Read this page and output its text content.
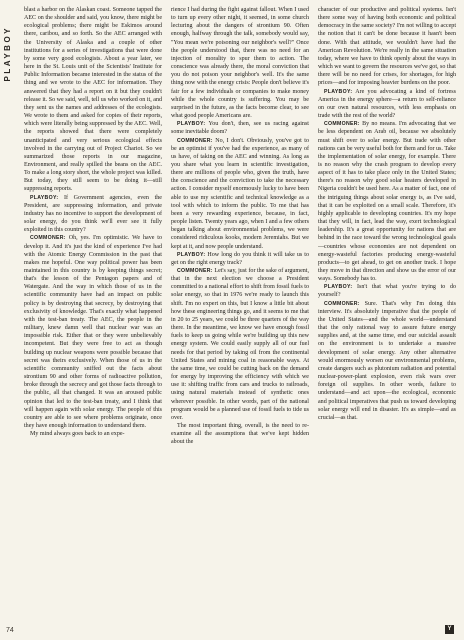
PLAYBOY

blast a harbor on the Alaskan coast. Someone tapped the AEC on the shoulder and said, you know, there might be ecological problems; there might be Eskimos around there, caribou, and so forth. So the AEC arranged with the University of Alaska and a couple of other institutions for a series of investigations that were done by some very good ecologists. About a year later, we here in the St. Louis unit of the Scientists' Institute for Public Information became interested in the status of the thing and we wrote to the AEC for information. They answered that they had a report on it but they couldn't release it. So we said, well, tell us who worked on it, and they sent us the names and addresses of the ecologists. We wrote to them and asked for copies of their reports, which were literally being suppressed by the AEC. Well, the reports showed that there were completely unanticipated and very serious ecological effects involved in the carrying out of Project Chariot. So we summarized those reports in our magazine, Environment, and really spilled the beans on the AEC. To make a long story short, the whole project was killed. But today, they still seem to be doing it—still suppressing reports.

PLAYBOY: If Government agencies, even the President, are suppressing information, and private industry has no incentive to support the development of solar energy, do you think we'll ever see it fully exploited in this country?

COMMONER: Oh, yes. I'm optimistic. We have to develop it. And it's just the kind of experience I've had with the Atomic Energy Commission in the past that makes me hopeful. One way political power has been maintained in this country is by keeping things secret; that's the lesson of the Pentagon papers and of Watergate. And the way in which those of us in the scientific community have had an impact on public policy is by destroying that secrecy, by destroying that exclusivity of knowledge. That's exactly what happened with the test-ban treaty. The AEC, the people in the military, knew damn well that nuclear war was an impossible risk. Either that or they were unbelievably incompetent. But they were free to act as though building up nuclear weapons were possible because that secret was theirs exclusively. When those of us in the scientific community sniffed out the facts about strontium 90 and other forms of radioactive pollution, broke through the secrecy and got those facts through to the public, all that changed. It was an aroused public opinion that led to the test-ban treaty, and I think that will happen again with solar energy. The people of this country are able to see where problems originate, once they have enough information to understand them.

My mind always goes back to an expe-

rience I had during the fight against fallout. When I used to turn up every other night, it seemed, in some church lecturing about the dangers of strontium 90. Often enough, halfway through the talk, somebody would say, "You mean we're poisoning our neighbor's well?" Once the people understood that, there was no need for an injection of morality to spur them to action. The conscience was already there, the moral conviction that you do not poison your neighbor's well. It's the same thing now with the energy crisis: People don't believe it's fair for a few individuals or companies to make money while the whole country is suffering. You may be surprised in the future, as the facts become clear, to see what good people Americans are.

PLAYBOY: You don't, then, see us racing against some inevitable doom?

COMMONER: No, I don't. Obviously, you've got to be an optimist if you've had the experience, as many of us have, of taking on the AEC and winning. As long as you share what you learn in scientific investigation, there are millions of people who, given the truth, have the conscience and the conviction to take the necessary action. I consider myself enormously lucky to have been able to use my scientific and technical knowledge as a tool with which to inform the public. To me that has been a very rewarding experience, because, in fact, people listen. Twenty years ago, when I and a few others began talking about environmental problems, we were considered ridiculous kooks, modern Jeremiahs. But we kept at it, and now people understand.

PLAYBOY: How long do you think it will take us to get on the right energy track?

COMMONER: Let's say, just for the sake of argument, that in the next election we choose a President committed to a national effort to shift from fossil fuels to solar energy, so that in 1976 we're ready to launch this shift. I'm no expert on this, but I know a little bit about how these engineering things go, and it seems to me that in 20 to 25 years, we could be three quarters of the way there. In the meantime, we know we have enough fossil fuels to keep us going while we're building up this new energy system. We could easily supply all of our fuel needs for that period by taking oil from the continental United States and mining coal in reasonable ways. At the same time, we could be cutting back on the demand for energy by improving the efficiency with which we use it: shifting traffic from cars and trucks to railroads, using natural materials instead of synthetic ones wherever possible. In other words, part of the national program would be a planned use of fossil fuels to tide us over.

The most important thing, overall, is the need to re-examine all the assumptions that we've kept hidden about the

character of our productive and political systems. Isn't there some way of having both economic and political democracy in the same society? I'm not willing to accept the notion that it can't be done because it hasn't been done. With that attitude, we wouldn't have had the American Revolution. We're really in the same situation today, where we have to think openly about the ways in which we want to govern the resources we've got, so that there will be no need for crises, for shortages, for high prices—and for imposing heavier burdens on the poor.

PLAYBOY: Are you advocating a kind of fortress America in the energy sphere—a return to self-reliance on our own natural resources, with less emphasis on trade with the rest of the world?

COMMONER: By no means. I'm advocating that we be less dependent on Arab oil, because we absolutely must shift over to solar energy. But trade with other nations can be very useful both for them and for us. Take the implementation of solar energy, for example. There is no reason why the crash program to develop every aspect of it has to take place only in the United States; there's no reason why good solar heaters developed in Nigeria couldn't be used here. As a matter of fact, one of the intriguing things about solar energy is, as I've said, that it can be exploited on a small scale. Therefore, it's highly applicable to developing countries. It's my hope that they will, in fact, lead the way, exert technological leadership. It's a great opportunity for nations that are behind in the race toward the wrong technological goals—countries whose economies are not dependent on energy-wasteful factories producing energy-wasteful products—to get ahead, to get on another track. I hope they move in that direction and show us the error of our ways. Somebody has to.

PLAYBOY: Isn't that what you're trying to do yourself?

COMMONER: Sure. That's why I'm doing this interview. It's absolutely imperative that the people of the United States—and the whole world—understand that the only rational way to assure future energy supplies and, at the same time, end our suicidal assault on the environment is to undertake a massive development of solar energy. Any other alternative would enormously worsen our environmental problems, create dangers such as plutonium radiation and potential nuclear-power-plant explosion, even risk wars over foreign oil supplies. In other words, failure to understand—and act upon—the ecological, economic and political imperatives that push us toward developing solar energy will end in disaster. It's as simple—and as crucial—as that.

74	Y
